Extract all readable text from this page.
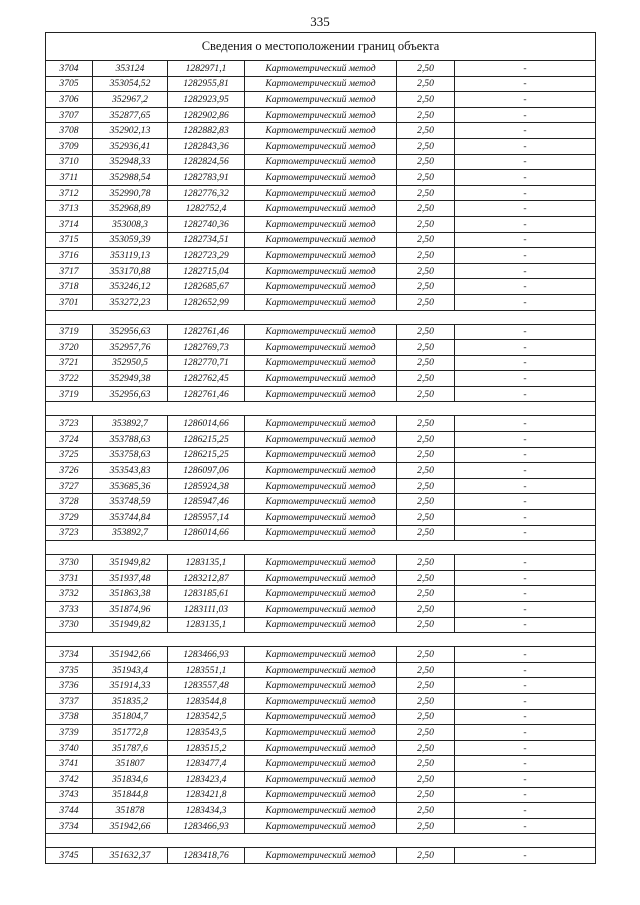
335
Сведения о местоположении границ объекта					
3704	353124	1282971,1	Картометрический метод	2,50	-
3705	353054,52	1282955,81	Картометрический метод	2,50	-
3706	352967,2	1282923,95	Картометрический метод	2,50	-
3707	352877,65	1282902,86	Картометрический метод	2,50	-
3708	352902,13	1282882,83	Картометрический метод	2,50	-
3709	352936,41	1282843,36	Картометрический метод	2,50	-
3710	352948,33	1282824,56	Картометрический метод	2,50	-
3711	352988,54	1282783,91	Картометрический метод	2,50	-
3712	352990,78	1282776,32	Картометрический метод	2,50	-
3713	352968,89	1282752,4	Картометрический метод	2,50	-
3714	353008,3	1282740,36	Картометрический метод	2,50	-
3715	353059,39	1282734,51	Картометрический метод	2,50	-
3716	353119,13	1282723,29	Картометрический метод	2,50	-
3717	353170,88	1282715,04	Картометрический метод	2,50	-
3718	353246,12	1282685,67	Картометрический метод	2,50	-
3701	353272,23	1282652,99	Картометрический метод	2,50	-

3719	352956,63	1282761,46	Картометрический метод	2,50	-
3720	352957,76	1282769,73	Картометрический метод	2,50	-
3721	352950,5	1282770,71	Картометрический метод	2,50	-
3722	352949,38	1282762,45	Картометрический метод	2,50	-
3719	352956,63	1282761,46	Картометрический метод	2,50	-

3723	353892,7	1286014,66	Картометрический метод	2,50	-
3724	353788,63	1286215,25	Картометрический метод	2,50	-
3725	353758,63	1286215,25	Картометрический метод	2,50	-
3726	353543,83	1286097,06	Картометрический метод	2,50	-
3727	353685,36	1285924,38	Картометрический метод	2,50	-
3728	353748,59	1285947,46	Картометрический метод	2,50	-
3729	353744,84	1285957,14	Картометрический метод	2,50	-
3723	353892,7	1286014,66	Картометрический метод	2,50	-

3730	351949,82	1283135,1	Картометрический метод	2,50	-
3731	351937,48	1283212,87	Картометрический метод	2,50	-
3732	351863,38	1283185,61	Картометрический метод	2,50	-
3733	351874,96	1283111,03	Картометрический метод	2,50	-
3730	351949,82	1283135,1	Картометрический метод	2,50	-

3734	351942,66	1283466,93	Картометрический метод	2,50	-
3735	351943,4	1283551,1	Картометрический метод	2,50	-
3736	351914,33	1283557,48	Картометрический метод	2,50	-
3737	351835,2	1283544,8	Картометрический метод	2,50	-
3738	351804,7	1283542,5	Картометрический метод	2,50	-
3739	351772,8	1283543,5	Картометрический метод	2,50	-
3740	351787,6	1283515,2	Картометрический метод	2,50	-
3741	351807	1283477,4	Картометрический метод	2,50	-
3742	351834,6	1283423,4	Картометрический метод	2,50	-
3743	351844,8	1283421,8	Картометрический метод	2,50	-
3744	351878	1283434,3	Картометрический метод	2,50	-
3734	351942,66	1283466,93	Картометрический метод	2,50	-

3745	351632,37	1283418,76	Картометрический метод	2,50	-
